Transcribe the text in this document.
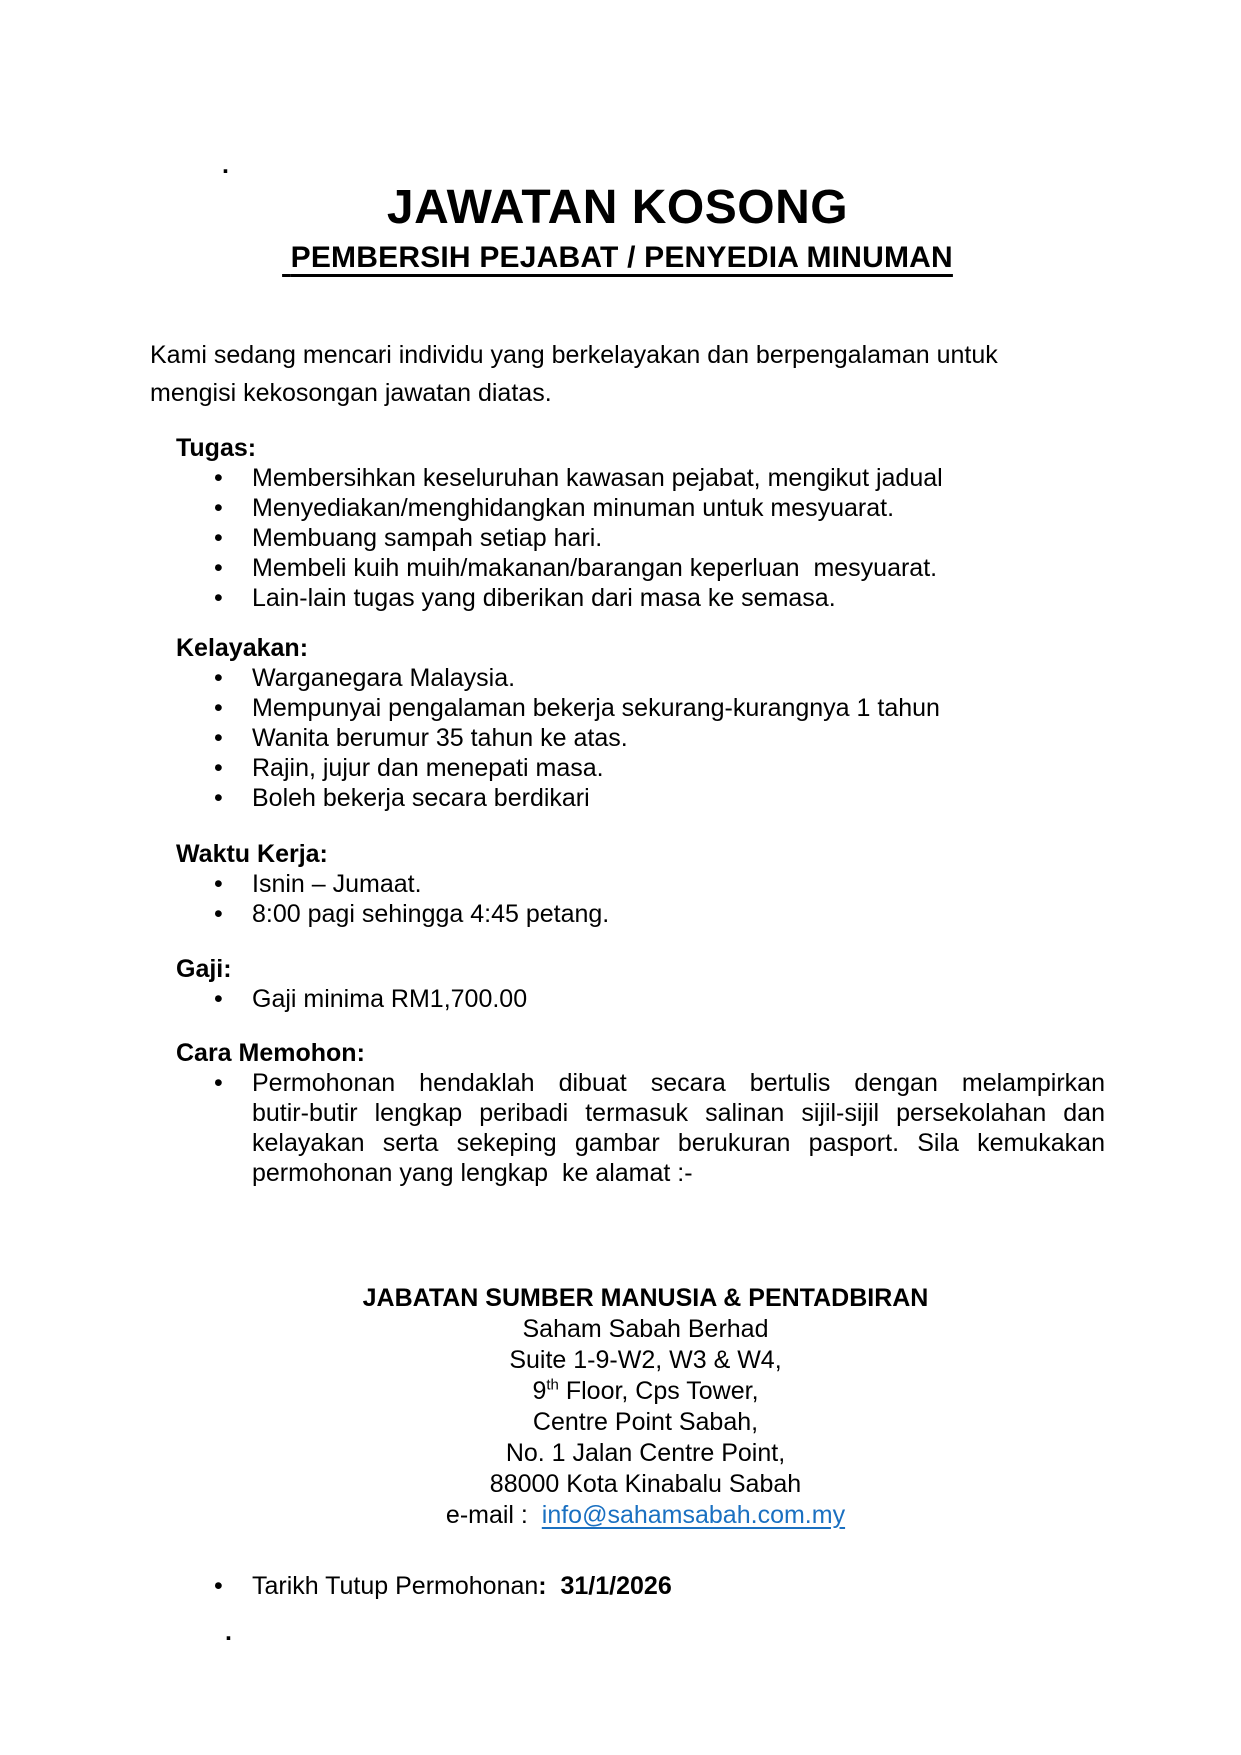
.
JAWATAN KOSONG
PEMBERSIH PEJABAT / PENYEDIA MINUMAN

Kami sedang mencari individu yang berkelayakan dan berpengalaman untuk
mengisi kekosongan jawatan diatas.

Tugas:
•	Membersihkan keseluruhan kawasan pejabat, mengikut jadual
•	Menyediakan/menghidangkan minuman untuk mesyuarat.
•	Membuang sampah setiap hari.
•	Membeli kuih muih/makanan/barangan keperluan  mesyuarat.
•	Lain-lain tugas yang diberikan dari masa ke semasa.
Kelayakan:
•	Warganegara Malaysia.
•	Mempunyai pengalaman bekerja sekurang-kurangnya 1 tahun
•	Wanita berumur 35 tahun ke atas.
•	Rajin, jujur dan menepati masa.
•	Boleh bekerja secara berdikari
Waktu Kerja:
•	Isnin – Jumaat.
•	8:00 pagi sehingga 4:45 petang.
Gaji:
•	Gaji minima RM1,700.00
Cara Memohon:
• Permohonan hendaklah dibuat secara bertulis dengan melampirkan
butir-butir lengkap peribadi termasuk salinan sijil-sijil persekolahan dan
kelayakan serta sekeping gambar berukuran pasport. Sila kemukakan
permohonan yang lengkap  ke alamat :-
JABATAN SUMBER MANUSIA & PENTADBIRAN
Saham Sabah Berhad
Suite 1-9-W2, W3 & W4,
9th Floor, Cps Tower,
Centre Point Sabah,
No. 1 Jalan Centre Point,
88000 Kota Kinabalu Sabah
e-mail :  info@sahamsabah.com.my
•	Tarikh Tutup Permohonan:  31/1/2026
.
